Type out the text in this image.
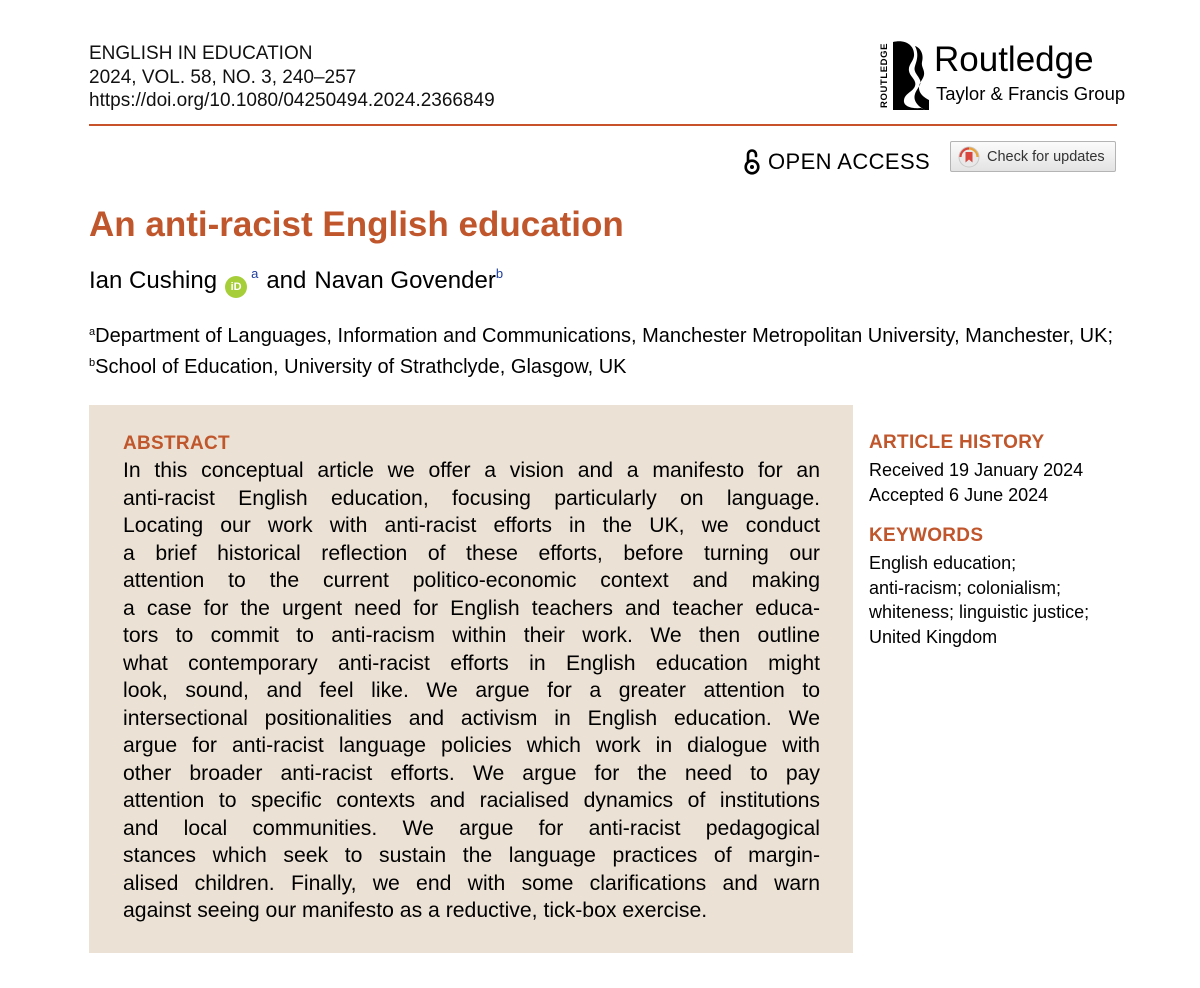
ENGLISH IN EDUCATION
2024, VOL. 58, NO. 3, 240–257
https://doi.org/10.1080/04250494.2024.2366849	ROUTLEDGE Routledge
Taylor & Francis Group
OPEN ACCESS	Check for updates
An anti-racist English education
Ian Cushing	iD
$^a$ and Navan Govender$^b$
$^a$Department of Languages, Information and Communications, Manchester Metropolitan University, Manchester, UK; $^b$School of Education, University of Strathclyde, Glasgow, UK
ABSTRACT

In this conceptual article we offer a vision and a manifesto for an
anti-racist English education, focusing particularly on language.
Locating our work with anti-racist efforts in the UK, we conduct
a brief historical reflection of these efforts, before turning our
attention to the current politico-economic context and making
a case for the urgent need for English teachers and teacher educa-
tors to commit to anti-racism within their work. We then outline
what contemporary anti-racist efforts in English education might
look, sound, and feel like. We argue for a greater attention to
intersectional positionalities and activism in English education. We
argue for anti-racist language policies which work in dialogue with
other broader anti-racist efforts. We argue for the need to pay
attention to specific contexts and racialised dynamics of institutions
and local communities. We argue for anti-racist pedagogical
stances which seek to sustain the language practices of margin-
alised children. Finally, we end with some clarifications and warn
against seeing our manifesto as a reductive, tick-box exercise.

ARTICLE HISTORY
Received 19 January 2024
Accepted 6 June 2024
KEYWORDS
English education;
anti-racism; colonialism;
whiteness; linguistic justice;
United Kingdom
